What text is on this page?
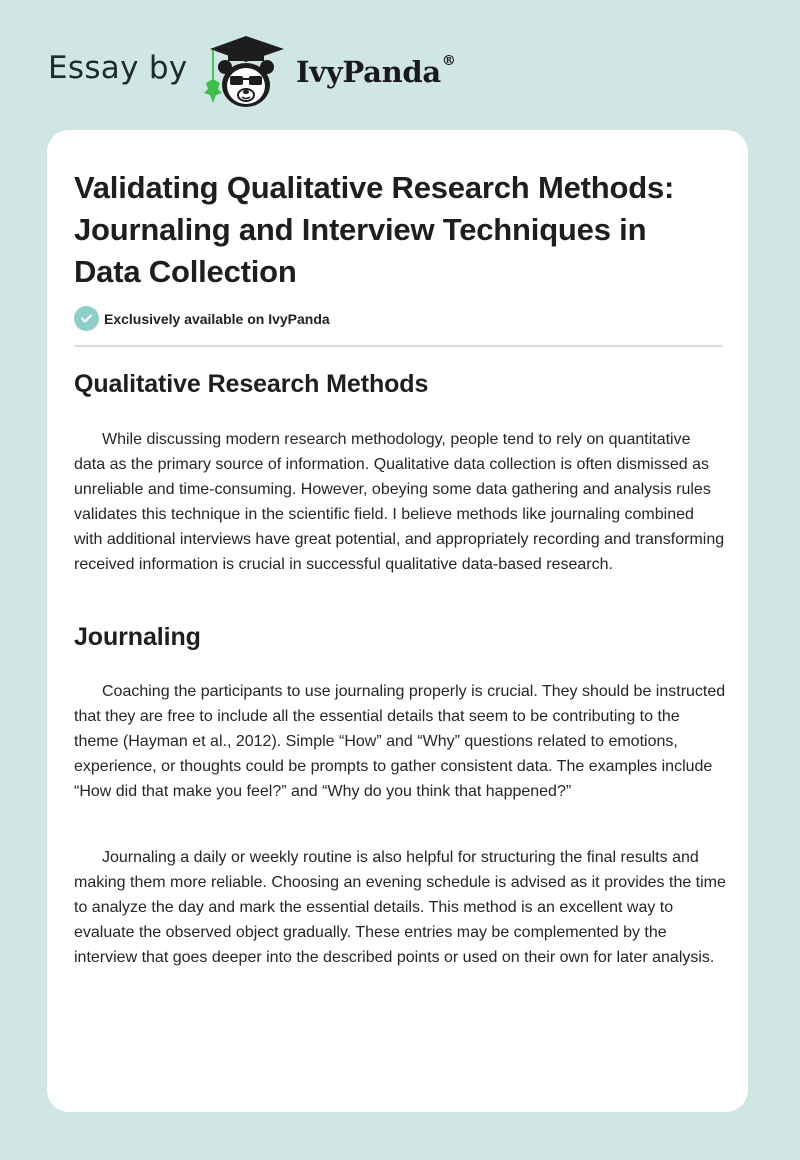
Essay by	IvyPanda®
Validating Qualitative Research Methods: Journaling and Interview Techniques in Data Collection
Exclusively available on IvyPanda
Qualitative Research Methods

While discussing modern research methodology, people tend to rely on quantitative data as the primary source of information. Qualitative data collection is often dismissed as unreliable and time-consuming. However, obeying some data gathering and analysis rules validates this technique in the scientific field. I believe methods like journaling combined with additional interviews have great potential, and appropriately recording and transforming received information is crucial in successful qualitative data-based research.

Journaling

Coaching the participants to use journaling properly is crucial. They should be instructed that they are free to include all the essential details that seem to be contributing to the theme (Hayman et al., 2012). Simple “How” and “Why” questions related to emotions, experience, or thoughts could be prompts to gather consistent data. The examples include “How did that make you feel?” and “Why do you think that happened?”

Journaling a daily or weekly routine is also helpful for structuring the final results and making them more reliable. Choosing an evening schedule is advised as it provides the time to analyze the day and mark the essential details. This method is an excellent way to evaluate the observed object gradually. These entries may be complemented by the interview that goes deeper into the described points or used on their own for later analysis.
